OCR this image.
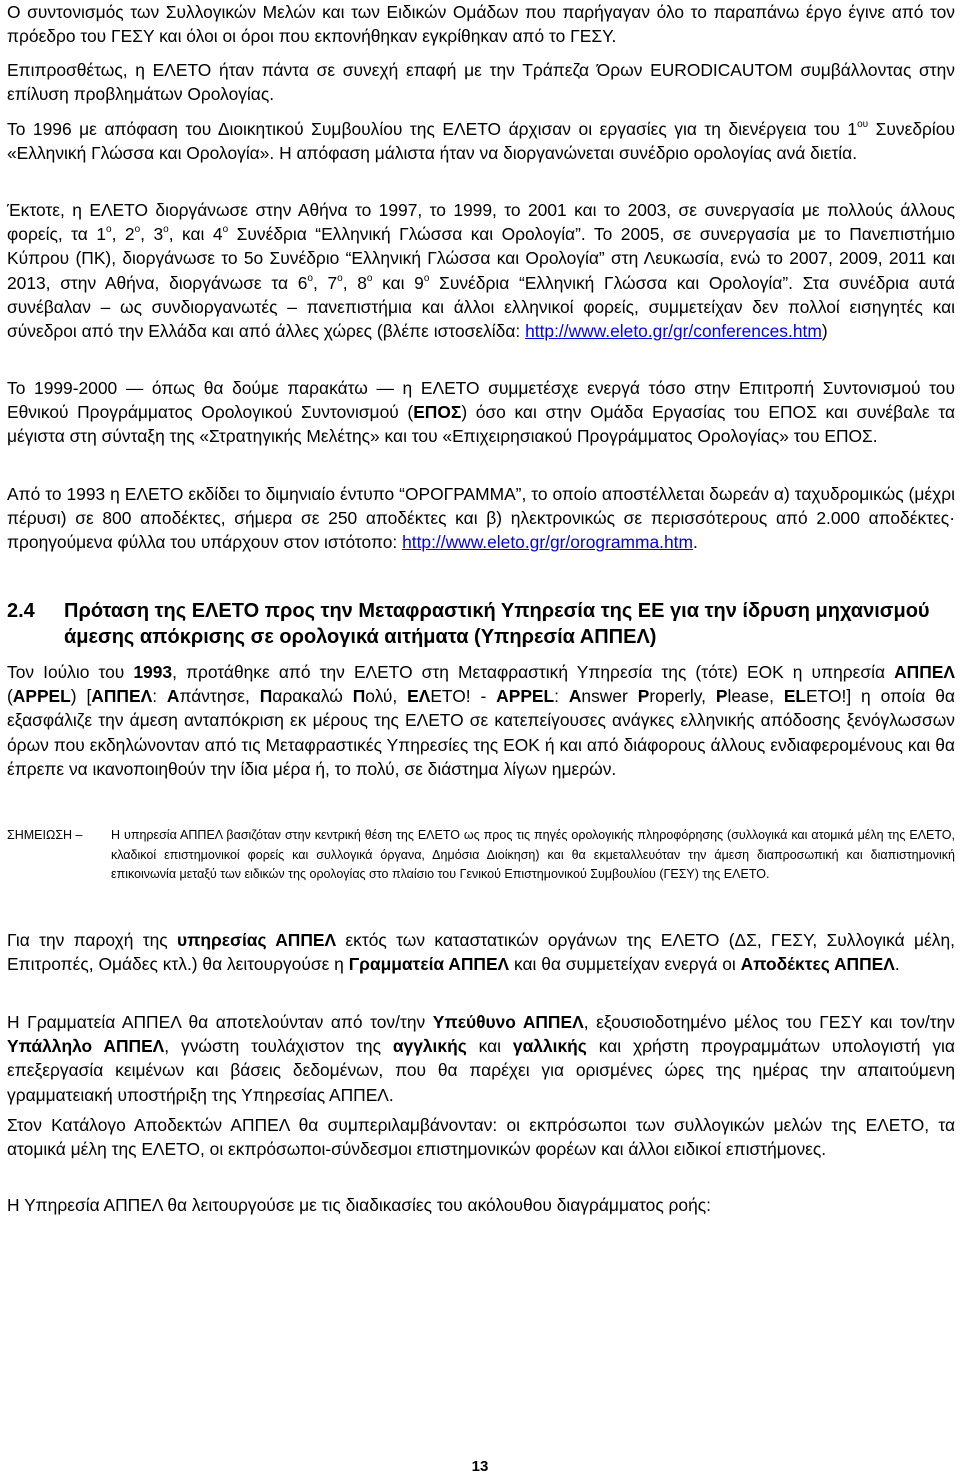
Ο συντονισμός των Συλλογικών Μελών και των Ειδικών Ομάδων που παρήγαγαν όλο το παραπάνω έργο έγινε από τον πρόεδρο του ΓΕΣΥ και όλοι οι όροι που εκπονήθηκαν εγκρίθηκαν από το ΓΕΣΥ.

Επιπροσθέτως, η ΕΛΕΤΟ ήταν πάντα σε συνεχή επαφή με την Τράπεζα Όρων EURODICAUTOM συμβάλλοντας στην επίλυση προβλημάτων Ορολογίας.

Το 1996 με απόφαση του Διοικητικού Συμβουλίου της ΕΛΕΤΟ άρχισαν οι εργασίες για τη διενέργεια του $1^{o\upsilon}$ Συνεδρίου «Ελληνική Γλώσσα και Ορολογία». Η απόφαση μάλιστα ήταν να διοργανώνεται συνέδριο ορολογίας ανά διετία.

Έκτοτε, η ΕΛΕΤΟ διοργάνωσε στην Αθήνα το 1997, το 1999, το 2001 και το 2003, σε συνεργασία με πολλούς άλλους φορείς, τα $1^o$, $2^o$, $3^o$, και $4^o$ Συνέδρια “Ελληνική Γλώσσα και Ορολογία”. Το 2005, σε συνεργασία με το Πανεπιστήμιο Κύπρου (ΠΚ), διοργάνωσε το 5ο Συνέδριο “Ελληνική Γλώσσα και Ορολογία” στη Λευκωσία, ενώ το 2007, 2009, 2011 και 2013, στην Αθήνα, διοργάνωσε τα $6^o$, $7^o$, $8^o$ και $9^o$ Συνέδρια “Ελληνική Γλώσσα και Ορολογία”. Στα συνέδρια αυτά συνέβαλαν – ως συνδιοργανωτές – πανεπιστήμια και άλλοι ελληνικοί φορείς, συμμετείχαν δεν πολλοί εισηγητές και σύνεδροι από την Ελλάδα και από άλλες χώρες (βλέπε ιστοσελίδα: http://www.eleto.gr/gr/conferences.htm)

Το 1999-2000 — όπως θα δούμε παρακάτω — η ΕΛΕΤΟ συμμετέσχε ενεργά τόσο στην Επιτροπή Συντονισμού του Εθνικού Προγράμματος Ορολογικού Συντονισμού (ΕΠΟΣ) όσο και στην Ομάδα Εργασίας του ΕΠΟΣ και συνέβαλε τα μέγιστα στη σύνταξη της «Στρατηγικής Μελέτης» και του «Επιχειρησιακού Προγράμματος Ορολογίας» του ΕΠΟΣ.

Από το 1993 η ΕΛΕΤΟ εκδίδει το διμηνιαίο έντυπο “ΟΡΟΓΡΑΜΜΑ”, το οποίο αποστέλλεται δωρεάν α) ταχυδρομικώς (μέχρι πέρυσι) σε 800 αποδέκτες, σήμερα σε 250 αποδέκτες και β) ηλεκτρονικώς σε περισσότερους από 2.000 αποδέκτες· προηγούμενα φύλλα του υπάρχουν στον ιστότοπο: http://www.eleto.gr/gr/orogramma.htm.

2.4 Πρόταση της ΕΛΕΤΟ προς την Μεταφραστική Υπηρεσία της ΕΕ για την ίδρυση μηχανισμού άμεσης απόκρισης σε ορολογικά αιτήματα (Υπηρεσία ΑΠΠΕΛ)

Τον Ιούλιο του 1993, προτάθηκε από την ΕΛΕΤΟ στη Μεταφραστική Υπηρεσία της (τότε) ΕΟΚ η υπηρεσία ΑΠΠΕΛ (APPEL) [ΑΠΠΕΛ: Απάντησε, Παρακαλώ Πολύ, ΕΛΕΤΟ! - APPEL: Answer Properly, Please, ELETO!] η οποία θα εξασφάλιζε την άμεση ανταπόκριση εκ μέρους της ΕΛΕΤΟ σε κατεπείγουσες ανάγκες ελληνικής απόδοσης ξενόγλωσσων όρων που εκδηλώνονταν από τις Μεταφραστικές Υπηρεσίες της ΕΟΚ ή και από διάφορους άλλους ενδιαφερομένους και θα έπρεπε να ικανοποιηθούν την ίδια μέρα ή, το πολύ, σε διάστημα λίγων ημερών.

ΣΗΜΕΙΩΣΗ – Η υπηρεσία ΑΠΠΕΛ βασιζόταν στην κεντρική θέση της ΕΛΕΤΟ ως προς τις πηγές ορολογικής πληροφόρησης (συλλογικά και ατομικά μέλη της ΕΛΕΤΟ, κλαδικοί επιστημονικοί φορείς και συλλογικά όργανα, Δημόσια Διοίκηση) και θα εκμεταλλευόταν την άμεση διαπροσωπική και διαπιστημονική επικοινωνία μεταξύ των ειδικών της ορολογίας στο πλαίσιο του Γενικού Επιστημονικού Συμβουλίου (ΓΕΣΥ) της ΕΛΕΤΟ.

Για την παροχή της υπηρεσίας ΑΠΠΕΛ εκτός των καταστατικών οργάνων της ΕΛΕΤΟ (ΔΣ, ΓΕΣΥ, Συλλογικά μέλη, Επιτροπές, Ομάδες κτλ.) θα λειτουργούσε η Γραμματεία ΑΠΠΕΛ και θα συμμετείχαν ενεργά οι Αποδέκτες ΑΠΠΕΛ.

Η Γραμματεία ΑΠΠΕΛ θα αποτελούνταν από τον/την Υπεύθυνο ΑΠΠΕΛ, εξουσιοδοτημένο μέλος του ΓΕΣΥ και τον/την Υπάλληλο ΑΠΠΕΛ, γνώστη τουλάχιστον της αγγλικής και γαλλικής και χρήστη προγραμμάτων υπολογιστή για επεξεργασία κειμένων και βάσεις δεδομένων, που θα παρέχει για ορισμένες ώρες της ημέρας την απαιτούμενη γραμματειακή υποστήριξη της Υπηρεσίας ΑΠΠΕΛ.

Στον Κατάλογο Αποδεκτών ΑΠΠΕΛ θα συμπεριλαμβάνονταν: οι εκπρόσωποι των συλλογικών μελών της ΕΛΕΤΟ, τα ατομικά μέλη της ΕΛΕΤΟ, οι εκπρόσωποι-σύνδεσμοι επιστημονικών φορέων και άλλοι ειδικοί επιστήμονες.

Η Υπηρεσία ΑΠΠΕΛ θα λειτουργούσε με τις διαδικασίες του ακόλουθου διαγράμματος ροής:

13
